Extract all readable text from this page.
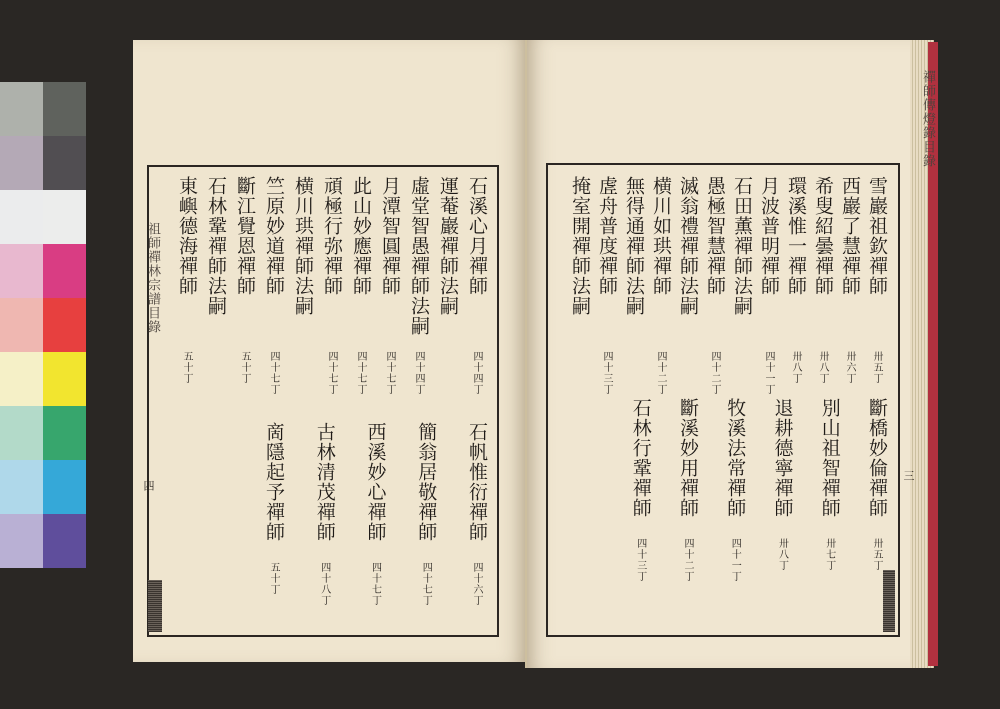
祖師禪林宗譜目錄
四
禪師傳燈錄目錄
三
石溪心月禪師
四十四丁
運菴巖禪師法嗣
虛堂智愚禪師法嗣
四十四丁
月潭智圓禪師
四十七丁
此山妙應禪師
四十七丁
頑極行弥禪師
四十七丁
横川珙禪師法嗣
竺原妙道禪師
四十七丁
斷江覺恩禪師
五十丁
石林鞏禪師法嗣
東嶼德海禪師
五十丁
石帆惟衍禪師
四十六丁
簡翁居敬禪師
四十七丁
西溪妙心禪師
四十七丁
古林清茂禪師
四十八丁
啇隱起予禪師
五十丁
雪巖祖欽禪師
卅五丁
西巖了慧禪師
卅六丁
希叟紹曇禪師
卅八丁
環溪惟一禪師
卅八丁
月波普明禪師
四十一丁
石田薫禪師法嗣
愚極智慧禪師
四十二丁
滅翁禮禪師法嗣
横川如珙禪師
四十二丁
無得通禪師法嗣
虗舟普度禪師
四十三丁
掩室開禪師法嗣
斷橋妙倫禪師
卅五丁
別山祖智禪師
卅七丁
退耕德寧禪師
卅八丁
牧溪法常禪師
四十一丁
斷溪妙用禪師
四十二丁
石林行鞏禪師
四十三丁
